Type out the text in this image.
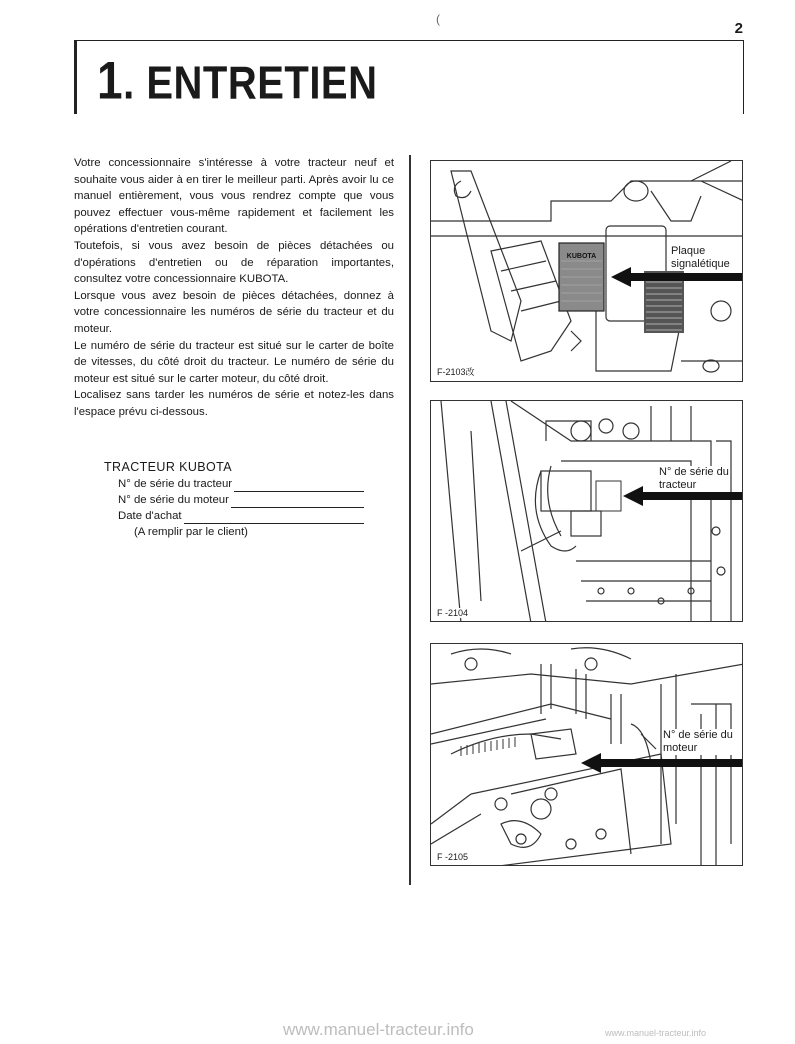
(
2
1. ENTRETIEN

Votre concessionnaire s'intéresse à votre tracteur neuf et souhaite vous aider à en tirer le meilleur parti. Après avoir lu ce manuel entièrement, vous vous rendrez compte que vous pouvez effectuer vous-même rapidement et facilement les opérations d'entretien courant.

Toutefois, si vous avez besoin de pièces détachées ou d'opérations d'entretien ou de réparation importantes, consultez votre concessionnaire KUBOTA.

Lorsque vous avez besoin de pièces détachées, donnez à votre concessionnaire les numéros de série du tracteur et du moteur.

Le numéro de série du tracteur est situé sur le carter de boîte de vitesses, du côté droit du tracteur. Le numéro de série du moteur est situé sur le carter moteur, du côté droit.

Localisez sans tarder les numéros de série et notez-les dans l'espace prévu ci-dessous.

TRACTEUR KUBOTA
N° de série du tracteur
N° de série du moteur
Date d'achat
(A remplir par le client)
KUBOTA	Plaque
signalétique
F-2103改
N° de série du
tracteur
F -2104
N° de série du
moteur
F -2105
www.manuel-tracteur.info	www.manuel-tracteur.info
